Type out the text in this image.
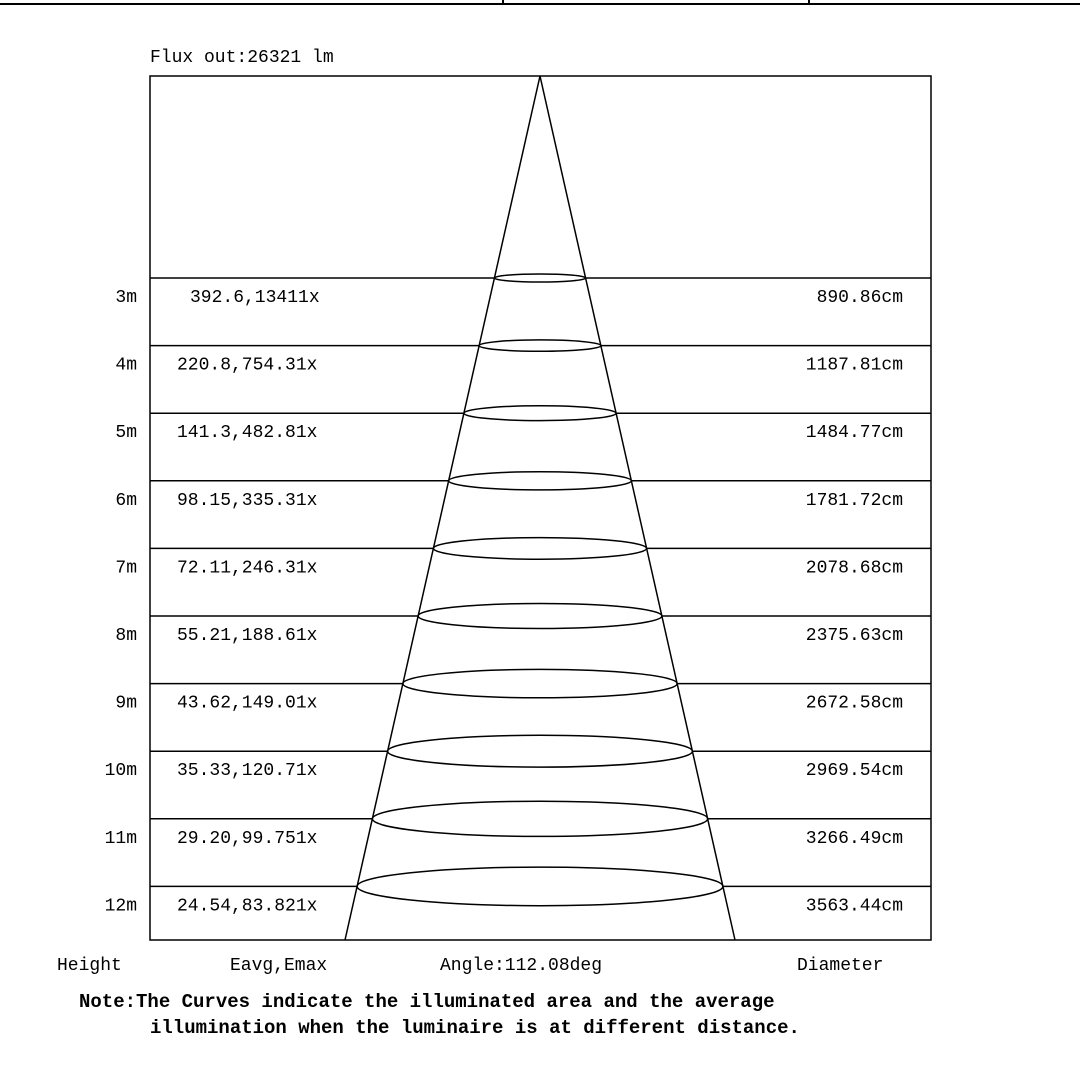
Flux out:26321 lm
3m	392.6,13411x	890.86cm
4m 220.8,754.31x	1187.81cm
5m 141.3,482.81x	1484.77cm
6m 98.15,335.31x	1781.72cm
7m 72.11,246.31x	2078.68cm
8m 55.21,188.61x	2375.63cm
9m 43.62,149.01x	2672.58cm
10m 35.33,120.71x	2969.54cm
11m 29.20,99.751x	3266.49cm
12m 24.54,83.821x	3563.44cm
Height	Eavg,Emax	Angle:112.08deg	Diameter
Note:The Curves indicate the illuminated area and the average
illumination when the luminaire is at different distance.
